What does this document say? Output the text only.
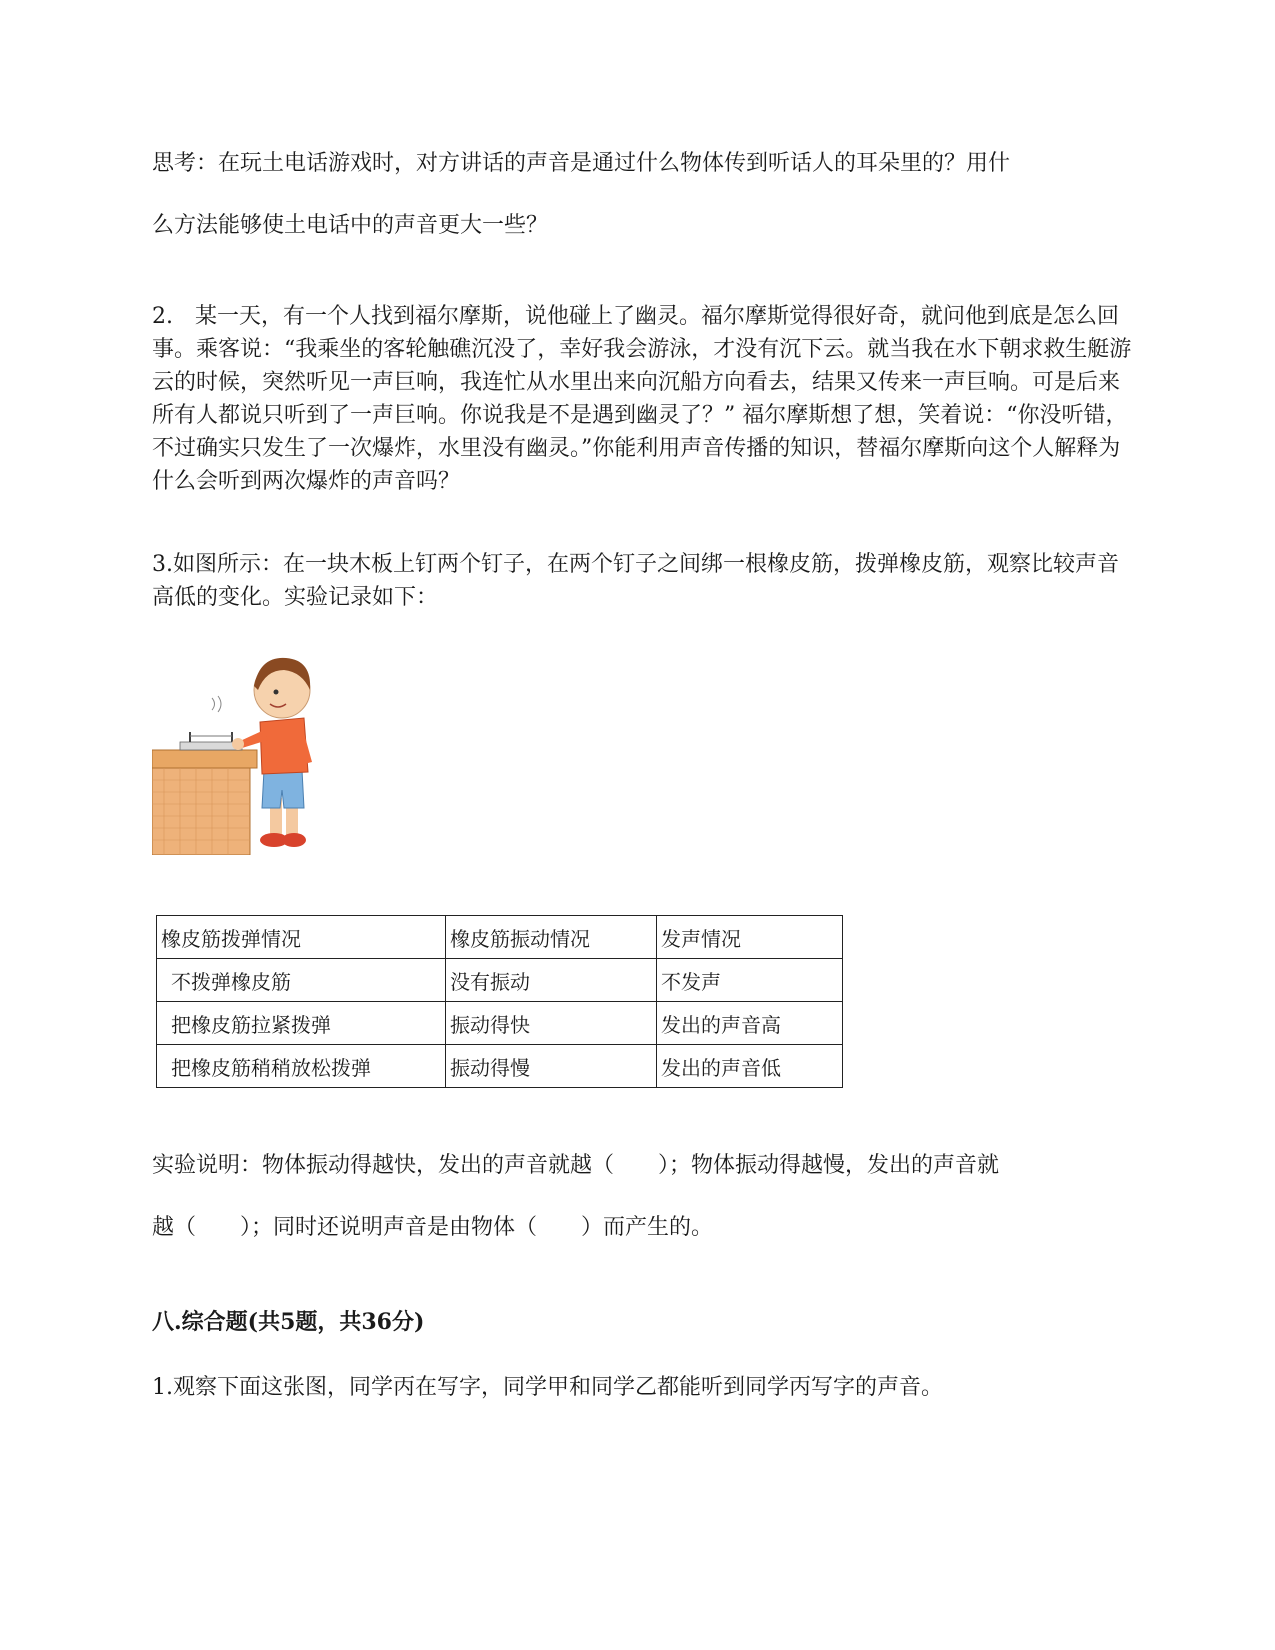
思考：在玩土电话游戏时，对方讲话的声音是通过什么物体传到听话人的耳朵里的？用什
么方法能够使土电话中的声音更大一些？
2.　某一天，有一个人找到福尔摩斯，说他碰上了幽灵。福尔摩斯觉得很好奇，就问他到底是怎么回事。乘客说：“我乘坐的客轮触礁沉没了，幸好我会游泳，才没有沉下云。就当我在水下朝求救生艇游云的时候，突然听见一声巨响，我连忙从水里出来向沉船方向看去，结果又传来一声巨响。可是后来所有人都说只听到了一声巨响。你说我是不是遇到幽灵了？” 福尔摩斯想了想，笑着说：“你没听错，不过确实只发生了一次爆炸，水里没有幽灵。”你能利用声音传播的知识，替福尔摩斯向这个人解释为什么会听到两次爆炸的声音吗？
3.如图所示：在一块木板上钉两个钉子，在两个钉子之间绑一根橡皮筋，拨弹橡皮筋，观察比较声音高低的变化。实验记录如下：
橡皮筋拨弹情况	橡皮筋振动情况	发声情况
不拨弹橡皮筋	没有振动	不发声
把橡皮筋拉紧拨弹	振动得快	发出的声音高
把橡皮筋稍稍放松拨弹	振动得慢	发出的声音低
实验说明：物体振动得越快，发出的声音就越（　　）；物体振动得越慢，发出的声音就
越（　　）；同时还说明声音是由物体（　　）而产生的。
八.综合题(共5题，共36分)
1.观察下面这张图，同学丙在写字，同学甲和同学乙都能听到同学丙写字的声音。
